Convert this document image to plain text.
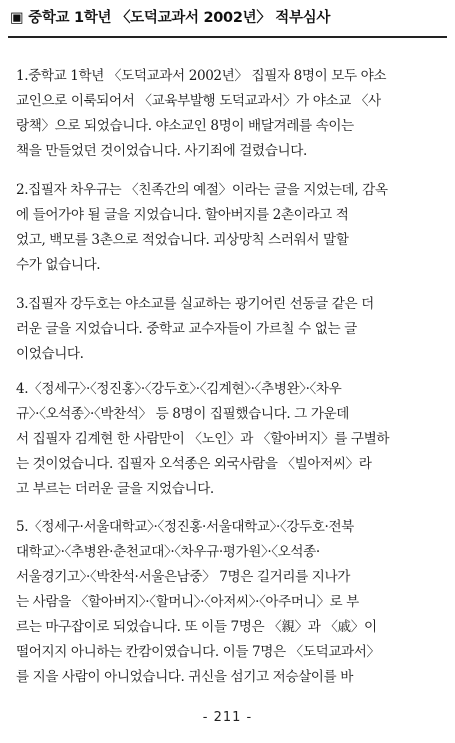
▣ 중학교 1학년 〈도덕교과서 2002년〉 적부심사
1.중학교 1학년 〈도덕교과서 2002년〉 집필자 8명이 모두 야소
교인으로 이룩되어서 〈교육부발행 도덕교과서〉가 야소교 〈사
랑책〉으로 되었습니다. 야소교인 8명이 배달겨레를 속이는
책을 만들었던 것이었습니다. 사기죄에 걸렸습니다.
2.집필자 차우규는 〈친족간의 예절〉이라는 글을 지었는데, 감옥
에 들어가야 될 글을 지었습니다. 할아버지를 2촌이라고 적
었고, 백모를 3촌으로 적었습니다. 괴상망칙 스러워서 말할
수가 없습니다.
3.집필자 강두호는 야소교를 실교하는 광기어린 선동글 같은 더
러운 글을 지었습니다. 중학교 교수자들이 가르칠 수 없는 글
이었습니다.
4.〈정세구〉·〈정진홍〉·〈강두호〉·〈김계현〉·〈추병완〉·〈차우
규〉·〈오석종〉·〈박찬석〉 등 8명이 집필했습니다. 그 가운데
서 집필자 김계현 한 사람만이 〈노인〉과 〈할아버지〉를 구별하
는 것이었습니다. 집필자 오석종은 외국사람을 〈빌아저씨〉라
고 부르는 더러운 글을 지었습니다.
5.〈정세구·서울대학교〉·〈정진홍·서울대학교〉·〈강두호·전북
대학교〉·〈추병완·춘천교대〉·〈차우규·평가원〉·〈오석종·
서울경기고〉·〈박찬석·서울은남중〉 7명은 길거리를 지나가
는 사람을 〈할아버지〉·〈할머니〉·〈아저씨〉·〈아주머니〉로 부
르는 마구잡이로 되었습니다. 또 이들 7명은 〈親〉과 〈戚〉이
떨어지지 아니하는 칸캄이였습니다. 이들 7명은 〈도덕교과서〉
를 지을 사람이 아니었습니다. 귀신을 섬기고 저승살이를 바
- 211 -
